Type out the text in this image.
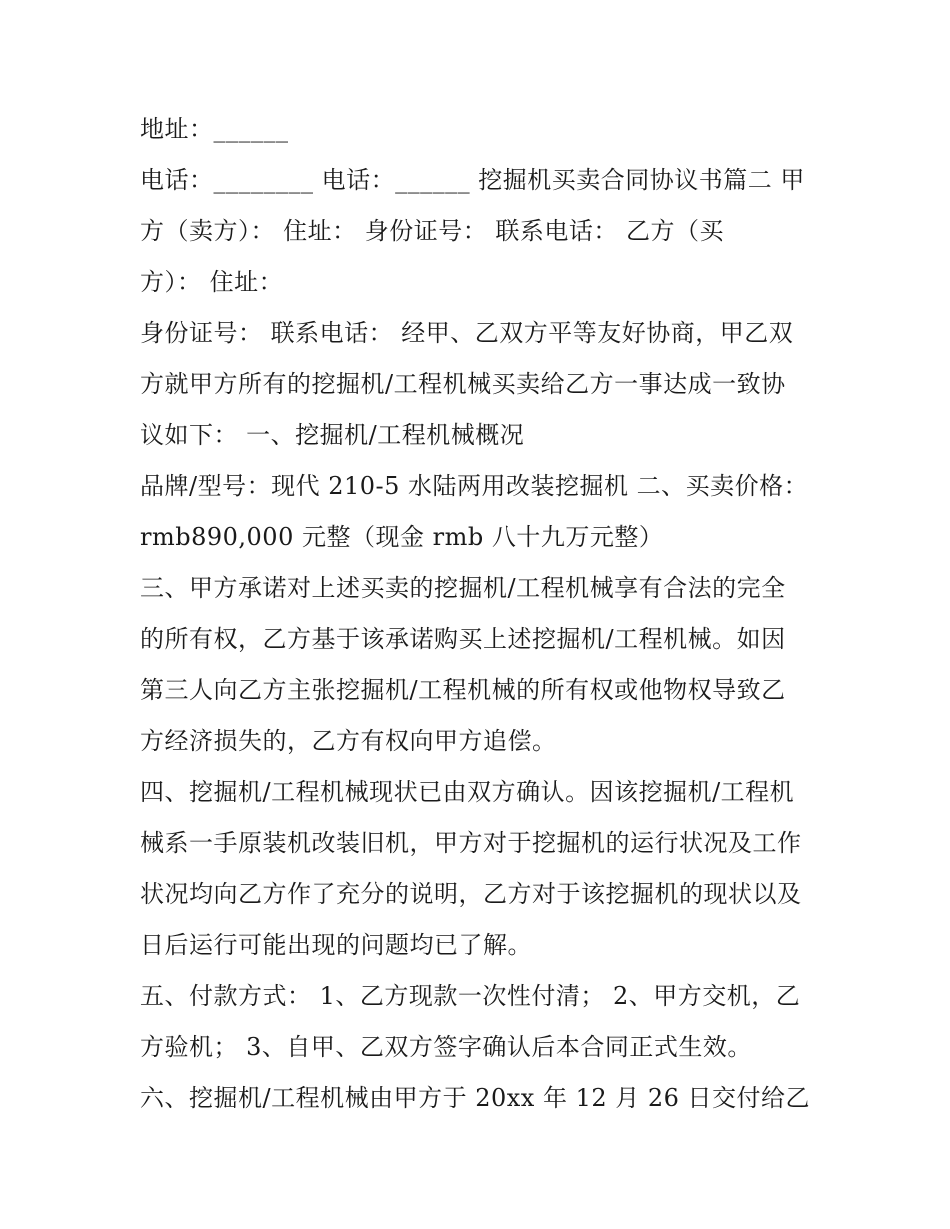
地址：______
电话：________ 电话：______ 挖掘机买卖合同协议书篇二 甲
方（卖方）： 住址： 身份证号： 联系电话： 乙方（买
方）： 住址：
身份证号： 联系电话： 经甲、乙双方平等友好协商，甲乙双
方就甲方所有的挖掘机/工程机械买卖给乙方一事达成一致协
议如下： 一、挖掘机/工程机械概况
品牌/型号：现代 210-5 水陆两用改装挖掘机 二、买卖价格：
rmb890,000 元整（现金 rmb 八十九万元整）
三、甲方承诺对上述买卖的挖掘机/工程机械享有合法的完全
的所有权，乙方基于该承诺购买上述挖掘机/工程机械。如因
第三人向乙方主张挖掘机/工程机械的所有权或他物权导致乙
方经济损失的，乙方有权向甲方追偿。
四、挖掘机/工程机械现状已由双方确认。因该挖掘机/工程机
械系一手原装机改装旧机，甲方对于挖掘机的运行状况及工作
状况均向乙方作了充分的说明，乙方对于该挖掘机的现状以及
日后运行可能出现的问题均已了解。
五、付款方式： 1、乙方现款一次性付清； 2、甲方交机，乙
方验机； 3、自甲、乙双方签字确认后本合同正式生效。
六、挖掘机/工程机械由甲方于 20xx 年 12 月 26 日交付给乙
